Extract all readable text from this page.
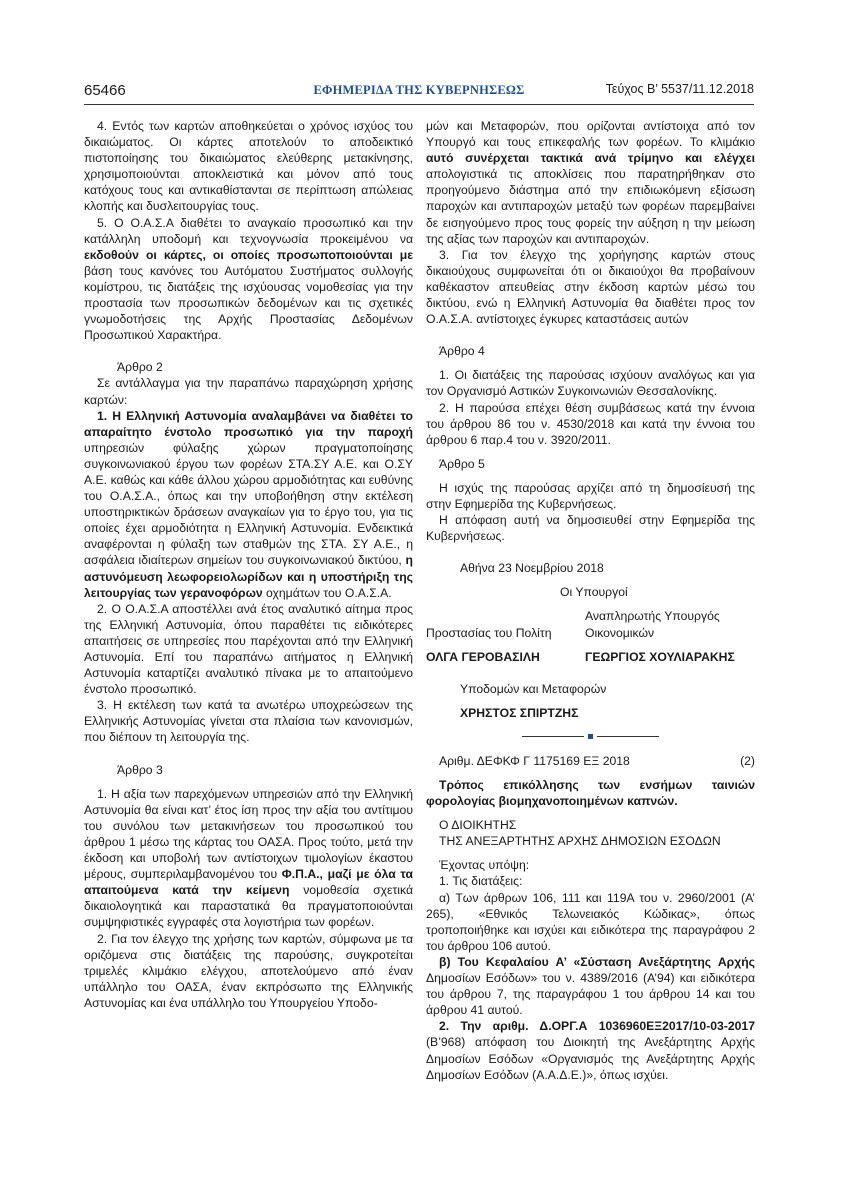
65466	ΕΦΗΜΕΡΙΔΑ ΤΗΣ ΚΥΒΕΡΝΗΣΕΩΣ	Τεύχος Β’ 5537/11.12.2018

4. Εντός των καρτών αποθηκεύεται ο χρόνος ισχύος του δικαιώματος. Οι κάρτες αποτελούν το αποδεικτικό πιστοποίησης του δικαιώματος ελεύθερης μετακίνησης, χρησιμοποιούνται αποκλειστικά και μόνον από τους κατόχους τους και αντικαθίστανται σε περίπτωση απώλειας κλοπής και δυσλειτουργίας τους.

5. Ο Ο.Α.Σ.Α διαθέτει το αναγκαίο προσωπικό και την κατάλληλη υποδομή και τεχνογνωσία προκειμένου να εκδοθούν οι κάρτες, οι οποίες προσωποποιούνται με βάση τους κανόνες του Αυτόματου Συστήματος συλλογής κομίστρου, τις διατάξεις της ισχύουσας νομοθεσίας για την προστασία των προσωπικών δεδομένων και τις σχετικές γνωμοδοτήσεις της Αρχής Προστασίας Δεδομένων Προσωπικού Χαρακτήρα.

Άρθρο 2

Σε αντάλλαγμα για την παραπάνω παραχώρηση χρήσης καρτών:

1. Η Ελληνική Αστυνομία αναλαμβάνει να διαθέτει το απαραίτητο ένστολο προσωπικό για την παροχή υπηρεσιών φύλαξης χώρων πραγματοποίησης συγκοινωνιακού έργου των φορέων ΣΤΑ.ΣΥ Α.Ε. και Ο.ΣΥ Α.Ε. καθώς και κάθε άλλου χώρου αρμοδιότητας και ευθύνης του Ο.Α.Σ.Α., όπως και την υποβοήθηση στην εκτέλεση υποστηρικτικών δράσεων αναγκαίων για το έργο του, για τις οποίες έχει αρμοδιότητα η Ελληνική Αστυνομία. Ενδεικτικά αναφέρονται η φύλαξη των σταθμών της ΣΤΑ. ΣΥ Α.Ε., η ασφάλεια ιδιαίτερων σημείων του συγκοινωνιακού δικτύου, η αστυνόμευση λεωφορειολωρίδων και η υποστήριξη της λειτουργίας των γερανοφόρων οχημάτων του Ο.Α.Σ.Α.

2. Ο Ο.Α.Σ.Α αποστέλλει ανά έτος αναλυτικό αίτημα προς της Ελληνική Αστυνομία, όπου παραθέτει τις ειδικότερες απαιτήσεις σε υπηρεσίες που παρέχονται από την Ελληνική Αστυνομία. Επί του παραπάνω αιτήματος η Ελληνική Αστυνομία καταρτίζει αναλυτικό πίνακα με το απαιτούμενο ένστολο προσωπικό.

3. Η εκτέλεση των κατά τα ανωτέρω υποχρεώσεων της Ελληνικής Αστυνομίας γίνεται στα πλαίσια των κανονισμών, που διέπουν τη λειτουργία της.

Άρθρο 3

1. Η αξία των παρεχόμενων υπηρεσιών από την Ελληνική Αστυνομία θα είναι κατ’ έτος ίση προς την αξία του αντίτιμου του συνόλου των μετακινήσεων του προσωπικού του άρθρου 1 μέσω της κάρτας του ΟΑΣΑ. Προς τούτο, μετά την έκδοση και υποβολή των αντίστοιχων τιμολογίων έκαστου μέρους, συμπεριλαμβανομένου του Φ.Π.Α., μαζί με όλα τα απαιτούμενα κατά την κείμενη νομοθεσία σχετικά δικαιολογητικά και παραστατικά θα πραγματοποιούνται συμψηφιστικές εγγραφές στα λογιστήρια των φορέων.

2. Για τον έλεγχο της χρήσης των καρτών, σύμφωνα με τα οριζόμενα στις διατάξεις της παρούσης, συγκροτείται τριμελές κλιμάκιο ελέγχου, αποτελούμενο από έναν υπάλληλο του ΟΑΣΑ, έναν εκπρόσωπο της Ελληνικής Αστυνομίας και ένα υπάλληλο του Υπουργείου Υποδο-

μών και Μεταφορών, που ορίζονται αντίστοιχα από τον Υπουργό και τους επικεφαλής των φορέων. Το κλιμάκιο αυτό συνέρχεται τακτικά ανά τρίμηνο και ελέγχει απολογιστικά τις αποκλίσεις που παρατηρήθηκαν στο προηγούμενο διάστημα από την επιδιωκόμενη εξίσωση παροχών και αντιπαροχών μεταξύ των φορέων παρεμβαίνει δε εισηγούμενο προς τους φορείς την αύξηση η την μείωση της αξίας των παροχών και αντιπαροχών.

3. Για τον έλεγχο της χορήγησης καρτών στους δικαιούχους συμφωνείται ότι οι δικαιούχοι θα προβαίνουν καθέκαστον απευθείας στην έκδοση καρτών μέσω του δικτύου, ενώ η Ελληνική Αστυνομία θα διαθέτει προς τον Ο.Α.Σ.Α. αντίστοιχες έγκυρες καταστάσεις αυτών

Άρθρο 4

1. Οι διατάξεις της παρούσας ισχύουν αναλόγως και για τον Οργανισμό Αστικών Συγκοινωνιών Θεσσαλονίκης.

2. Η παρούσα επέχει θέση συμβάσεως κατά την έννοια του άρθρου 86 του ν. 4530/2018 και κατά την έννοια του άρθρου 6 παρ.4 του ν. 3920/2011.

Άρθρο 5

Η ισχύς της παρούσας αρχίζει από τη δημοσίευσή της στην Εφημερίδα της Κυβερνήσεως.

Η απόφαση αυτή να δημοσιευθεί στην Εφημερίδα της Κυβερνήσεως.

Αθήνα 23 Νοεμβρίου 2018

Οι Υπουργοί

Αναπληρωτής Υπουργός
Προστασίας του Πολίτη	Οικονομικών
ΟΛΓΑ ΓΕΡΟΒΑΣΙΛΗ	ΓΕΩΡΓΙΟΣ ΧΟΥΛΙΑΡΑΚΗΣ

Υποδομών και Μεταφορών

ΧΡΗΣΤΟΣ ΣΠΙΡΤΖΗΣ

Αριθμ. ΔΕΦΚΦ Γ 1175169 ΕΞ 2018	(2)

Τρόπος επικόλλησης των ενσήμων ταινιών φορολογίας βιομηχανοποιημένων καπνών.

Ο ΔΙΟΙΚΗΤΗΣ

ΤΗΣ ΑΝΕΞΑΡΤΗΤΗΣ ΑΡΧΗΣ ΔΗΜΟΣΙΩΝ ΕΣΟΔΩΝ

Έχοντας υπόψη:

1. Τις διατάξεις:

α) Των άρθρων 106, 111 και 119Α του ν. 2960/2001 (Α’ 265), «Εθνικός Τελωνειακός Κώδικας», όπως τροποποιήθηκε και ισχύει και ειδικότερα της παραγράφου 2 του άρθρου 106 αυτού.

β) Του Κεφαλαίου Α’ «Σύσταση Ανεξάρτητης Αρχής Δημοσίων Εσόδων» του ν. 4389/2016 (Α’94) και ειδικότερα του άρθρου 7, της παραγράφου 1 του άρθρου 14 και του άρθρου 41 αυτού.

2. Την αριθμ. Δ.ΟΡΓ.Α 1036960ΕΞ2017/10-03-2017 (Β’968) απόφαση του Διοικητή της Ανεξάρτητης Αρχής Δημοσίων Εσόδων «Οργανισμός της Ανεξάρτητης Αρχής Δημοσίων Εσόδων (Α.Α.Δ.Ε.)», όπως ισχύει.
